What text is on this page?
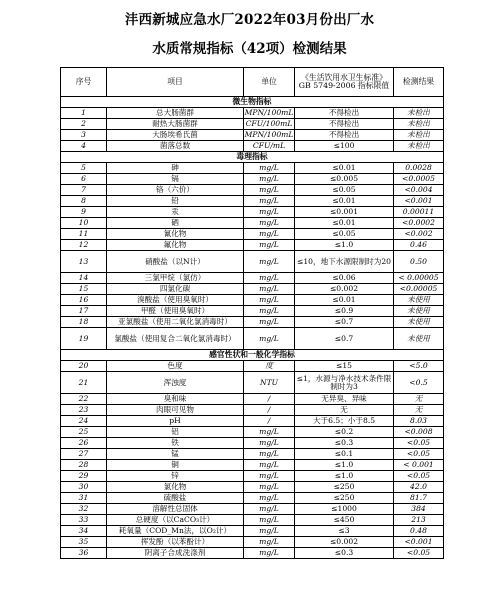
沣西新城应急水厂2022年03月份出厂水
水质常规指标（42项）检测结果
序号	项目	单位	《生活饮用水卫生标准》 GB 5749-2006 指标限值	检测结果
微生物指标				
1	总大肠菌群	MPN/100mL	不得检出	未检出
2	耐热大肠菌群	CFU/100mL	不得检出	未检出
3	大肠埃希氏菌	MPN/100mL	不得检出	未检出
4	菌落总数	CFU/mL	≤100	未检出
毒理指标				
5	砷	mg/L	≤0.01	0.0028
6	镉	mg/L	≤0.005	<0.0005
7	铬（六价）	mg/L	≤0.05	<0.004
8	铅	mg/L	≤0.01	<0.001
9	汞	mg/L	≤0.001	0.00011
10	硒	mg/L	≤0.01	<0.0002
11	氰化物	mg/L	≤0.05	<0.002
12	氟化物	mg/L	≤1.0	0.46
13	硝酸盐（以N计）	mg/L	≤10，地下水源限制时为20	0.50
14	三氯甲烷（氯仿）	mg/L	≤0.06	< 0.00005
15	四氯化碳	mg/L	≤0.002	<0.00005
16	溴酸盐（使用臭氧时）	mg/L	≤0.01	未使用
17	甲醛（使用臭氧时）	mg/L	≤0.9	未使用
18	亚氯酸盐（使用二氧化氯消毒时）	mg/L	≤0.7	未使用
19	氯酸盐（使用复合二氧化氯消毒时）	mg/L	≤0.7	未使用
感官性状和一般化学指标				
20	色度	度	≤15	<5.0
21	浑浊度	NTU	≤1，水源与净水技术条件限制时为3	<0.5
22	臭和味	/	无异臭、异味	无
23	肉眼可见物	/	无	无
24	pH	/	大于6.5；小于8.5	8.03
25	铝	mg/L	≤0.2	<0.008
26	铁	mg/L	≤0.3	<0.05
27	锰	mg/L	≤0.1	<0.05
28	铜	mg/L	≤1.0	< 0.001
29	锌	mg/L	≤1.0	<0.05
30	氯化物	mg/L	≤250	42.0
31	硫酸盐	mg/L	≤250	81.7
32	溶解性总固体	mg/L	≤1000	384
33	总硬度（以CaCO₃计）	mg/L	≤450	213
34	耗氧量（COD_Mn法，以O₂计）	mg/L	≤3	0.48
35	挥发酚（以苯酚计）	mg/L	≤0.002	<0.001
36	阴离子合成洗涤剂	mg/L	≤0.3	<0.05
